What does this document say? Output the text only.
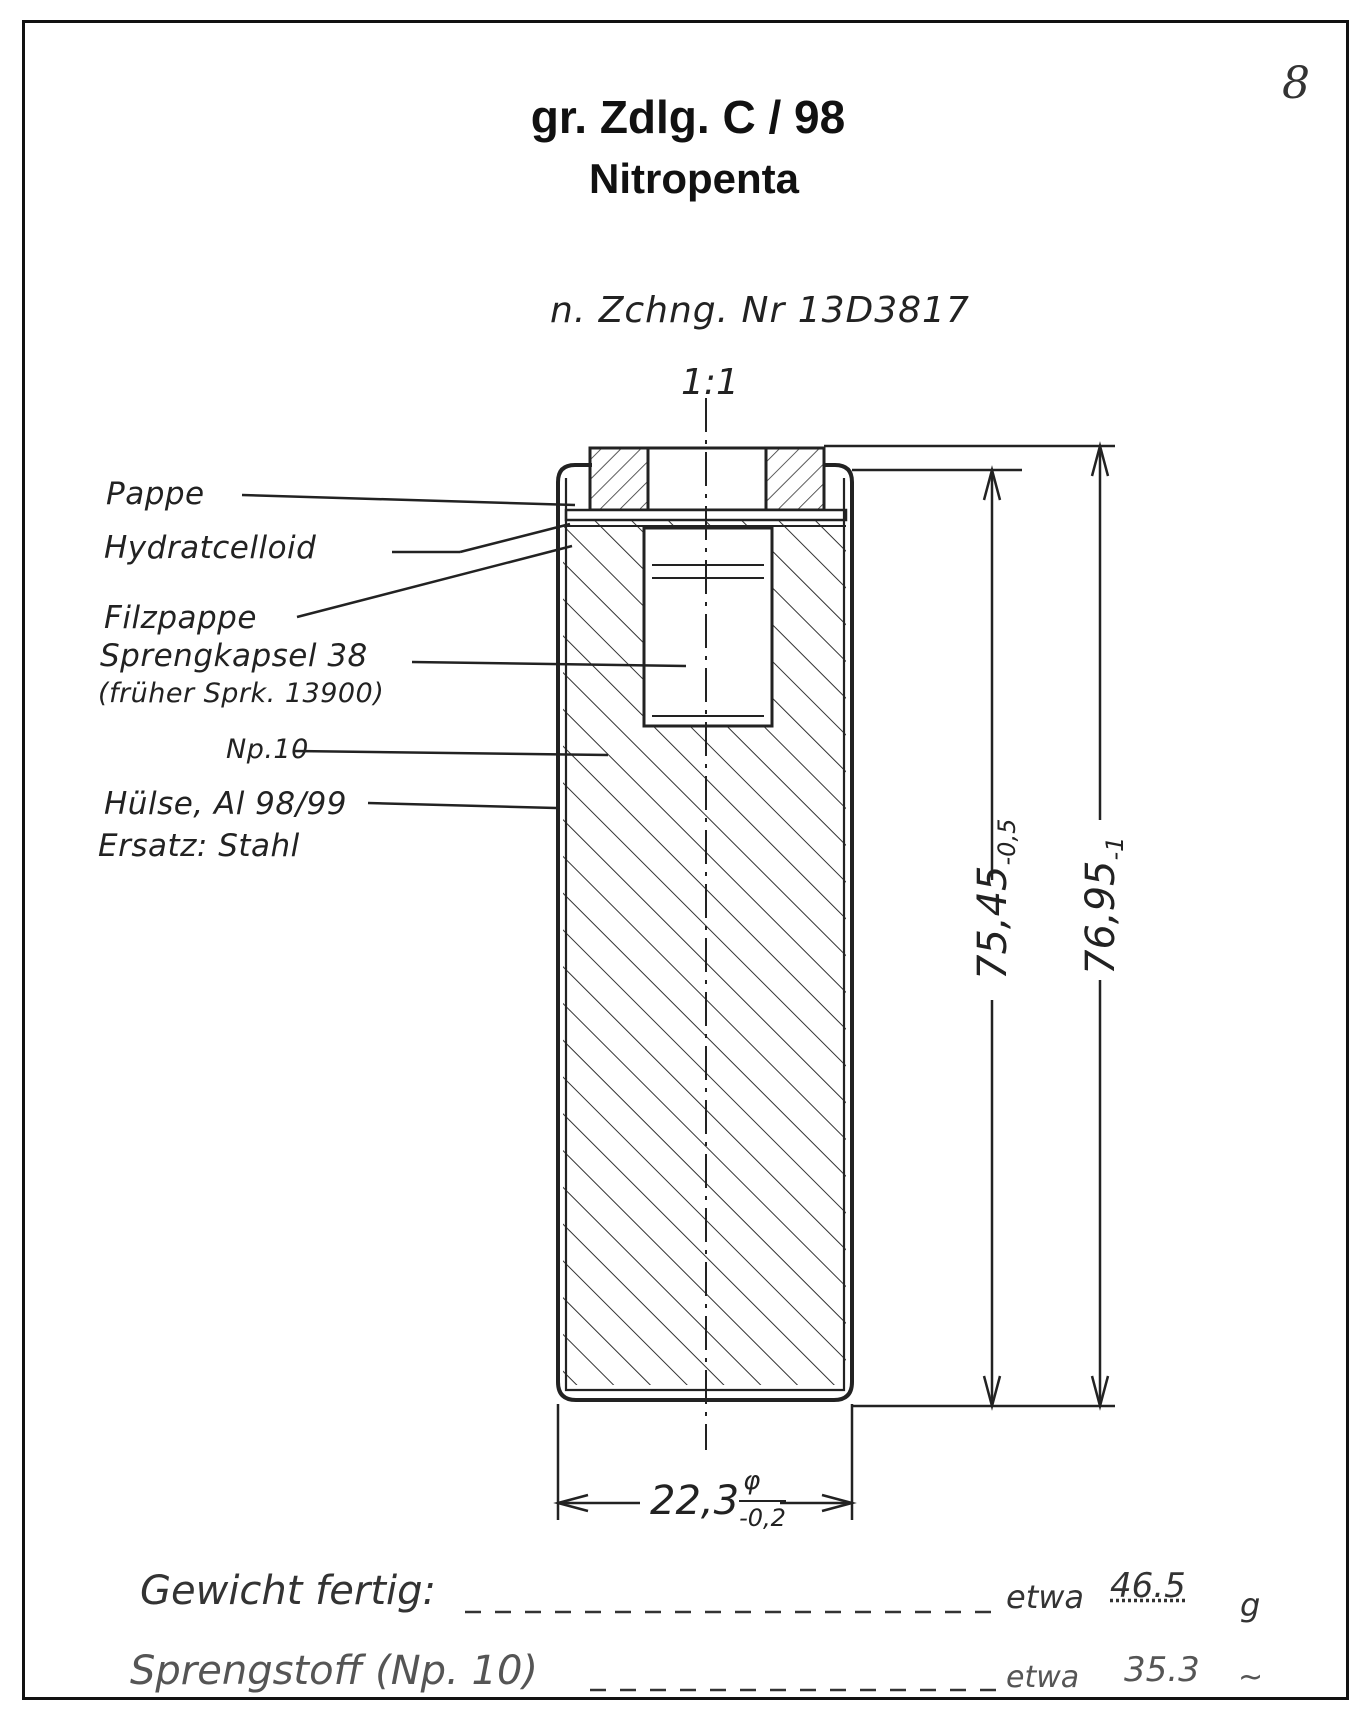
8
gr. Zdlg. C / 98
Nitropenta
n. Zchng. Nr 13D3817
1:1
Pappe
Hydratcelloid
Filzpappe
Sprengkapsel 38
(früher Sprk. 13900)
Np.10
Hülse, Al 98/99
Ersatz: Stahl
$75,45_{-0,5}$
$76,95_{-1}$
$22,3 \frac{\varphi}{-0,2}$
Gewicht fertig:	etwa 46.5 g
Sprengstoff (Np. 10)	etwa 35.3 ~
